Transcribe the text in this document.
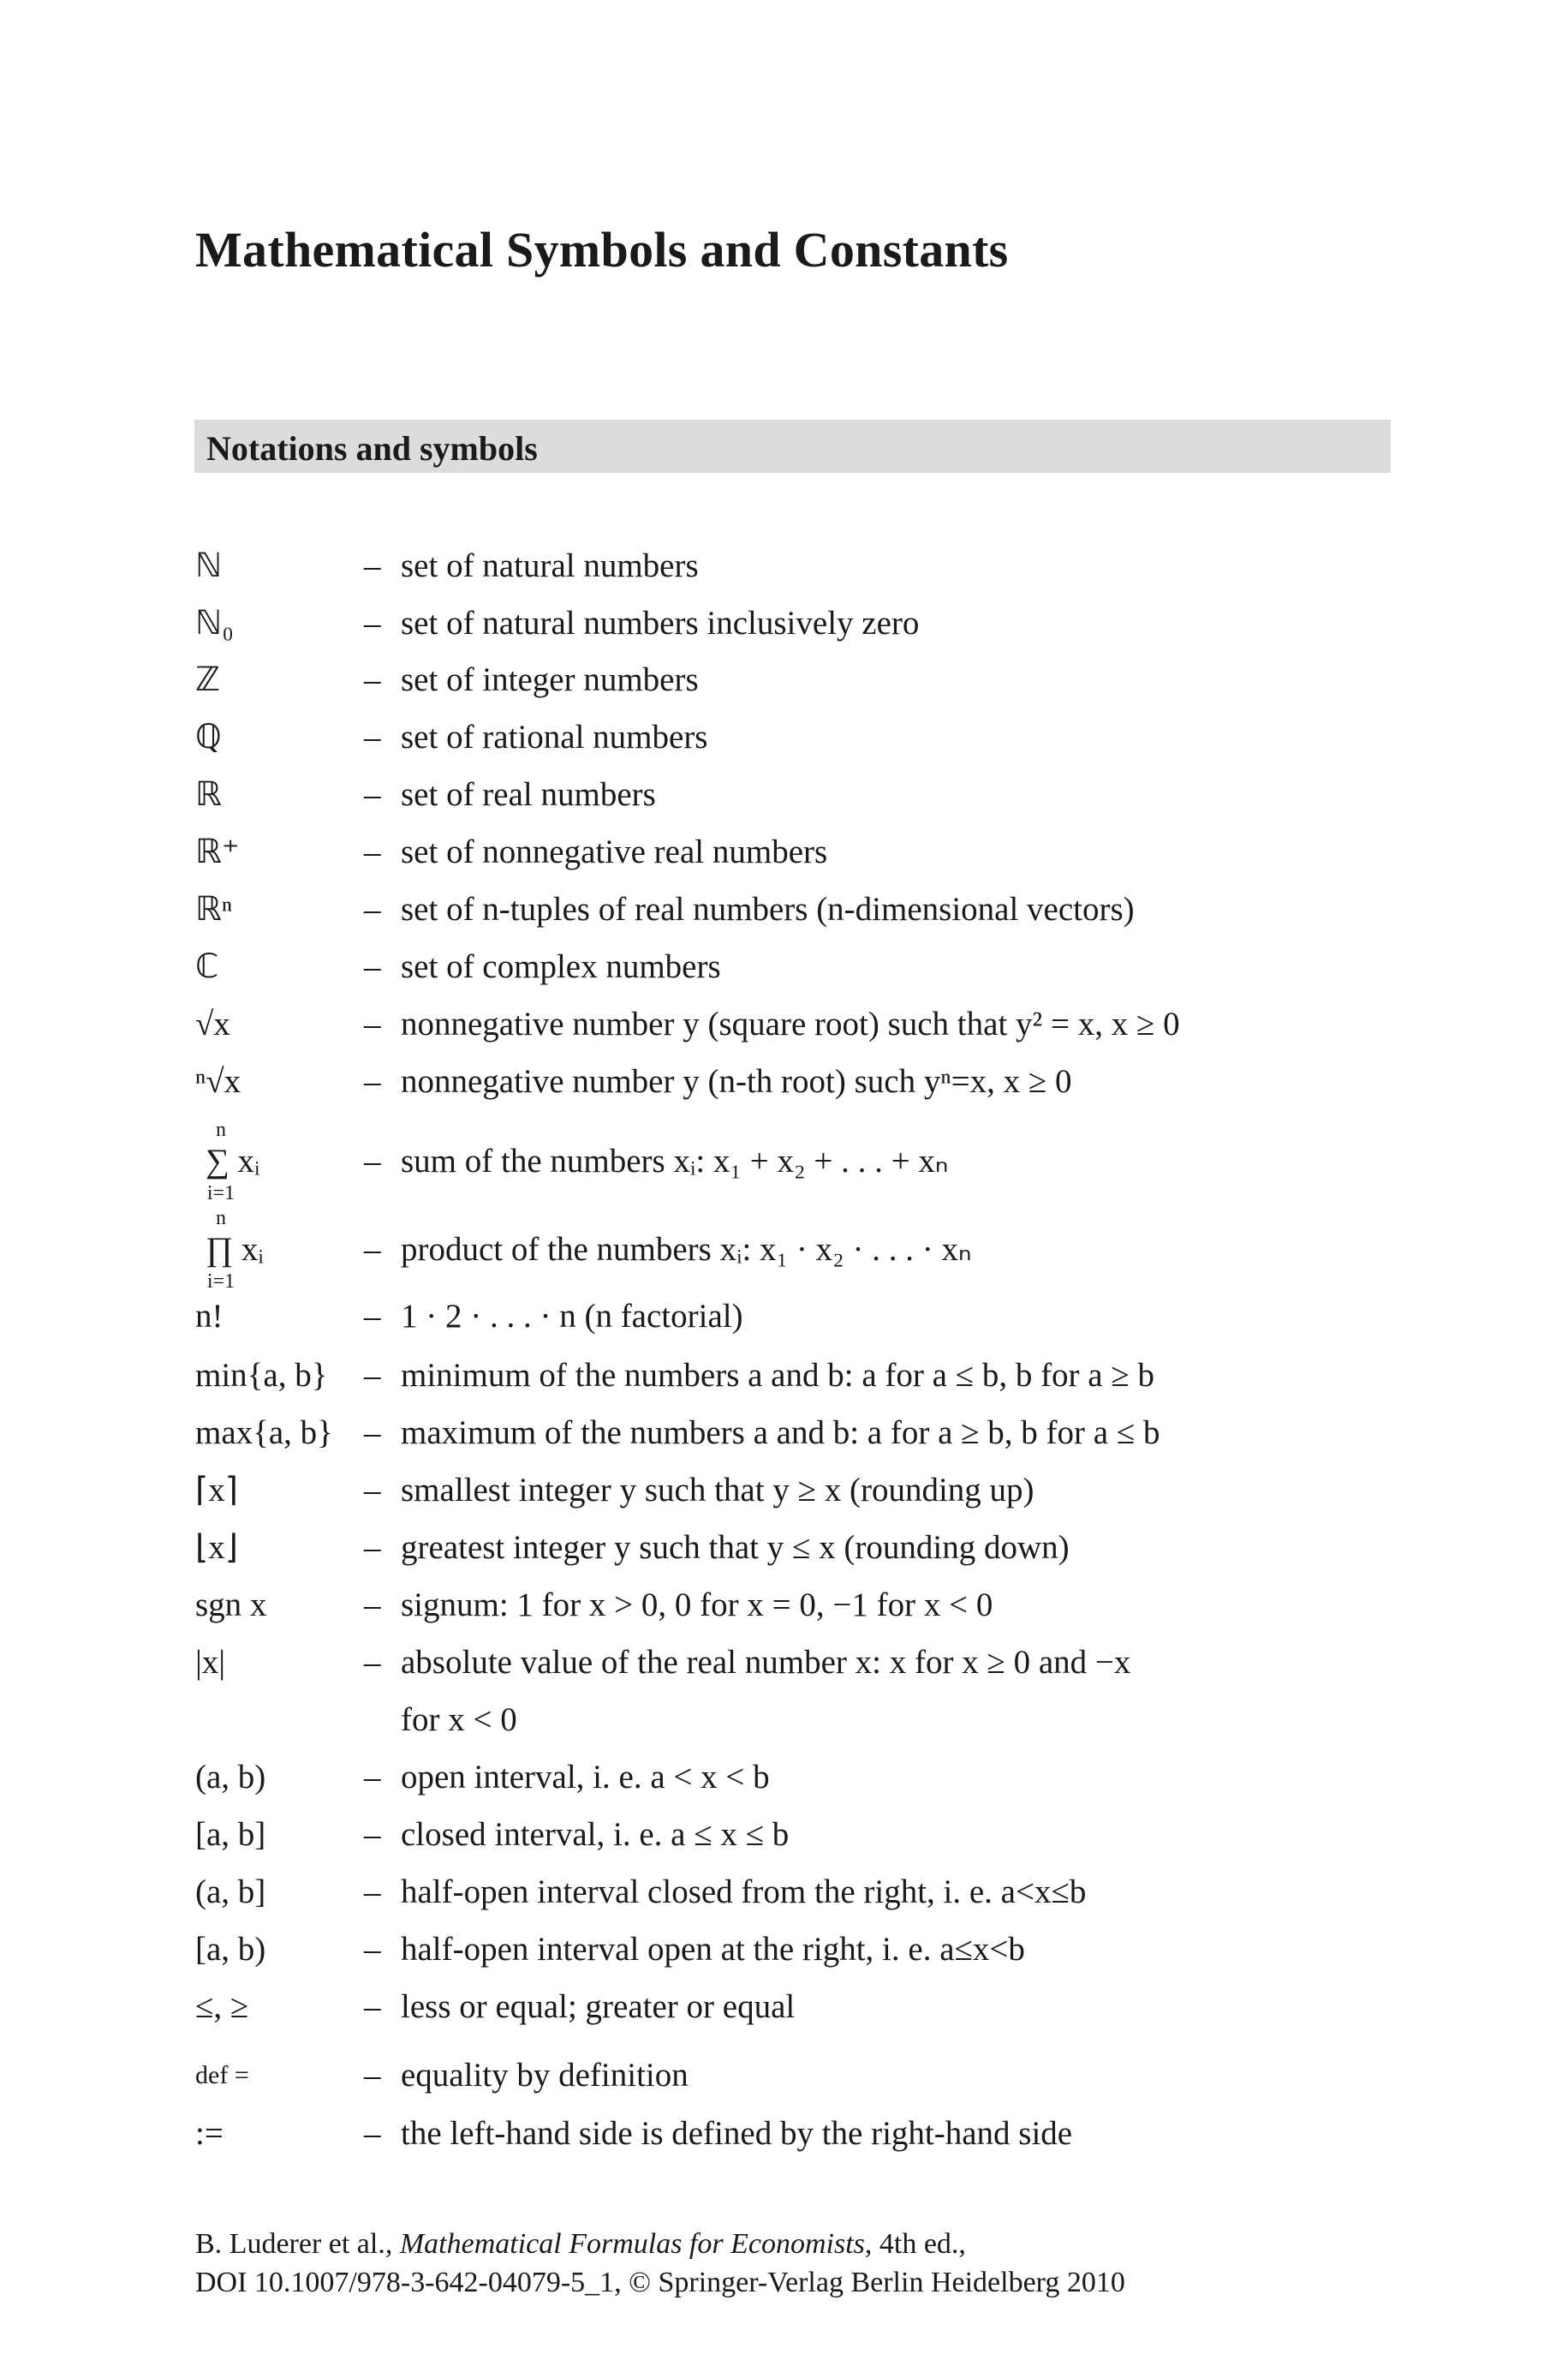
Mathematical Symbols and Constants
Notations and symbols
ℕ	– set of natural numbers
ℕ₀	– set of natural numbers inclusively zero
ℤ	– set of integer numbers
ℚ	– set of rational numbers
ℝ	– set of real numbers
ℝ⁺	– set of nonnegative real numbers
ℝⁿ	– set of n-tuples of real numbers (n-dimensional vectors)
ℂ	– set of complex numbers
√x	– nonnegative number y (square root) such that y² = x, x ≥ 0
ⁿ√x	– nonnegative number y (n-th root) such yⁿ=x, x ≥ 0
n

i=1
∑ xᵢ	– sum of the numbers xᵢ: x₁ + x₂ + . . . + xₙ
n

i=1
∏ xᵢ	– product of the numbers xᵢ: x₁ · x₂ · . . . · xₙ
n!	– 1 · 2 · . . . · n (n factorial)
min{a, b}	– minimum of the numbers a and b: a for a ≤ b, b for a ≥ b
max{a, b} – maximum of the numbers a and b: a for a ≥ b, b for a ≤ b
⌈x⌉	– smallest integer y such that y ≥ x (rounding up)
⌊x⌋	– greatest integer y such that y ≤ x (rounding down)
sgn x	– signum: 1 for x > 0, 0 for x = 0, −1 for x < 0
|x|	– absolute value of the real number x: x for x ≥ 0 and −x
for x < 0
(a, b)	– open interval, i. e. a < x < b
[a, b]	– closed interval, i. e. a ≤ x ≤ b
(a, b]	– half-open interval closed from the right, i. e. a<x≤b
[a, b)	– half-open interval open at the right, i. e. a≤x<b
≤, ≥	– less or equal; greater or equal
def =	– equality by definition
:=	– the left-hand side is defined by the right-hand side
B. Luderer et al., Mathematical Formulas for Economists, 4th ed.,
DOI 10.1007/978-3-642-04079-5_1, © Springer-Verlag Berlin Heidelberg 2010
